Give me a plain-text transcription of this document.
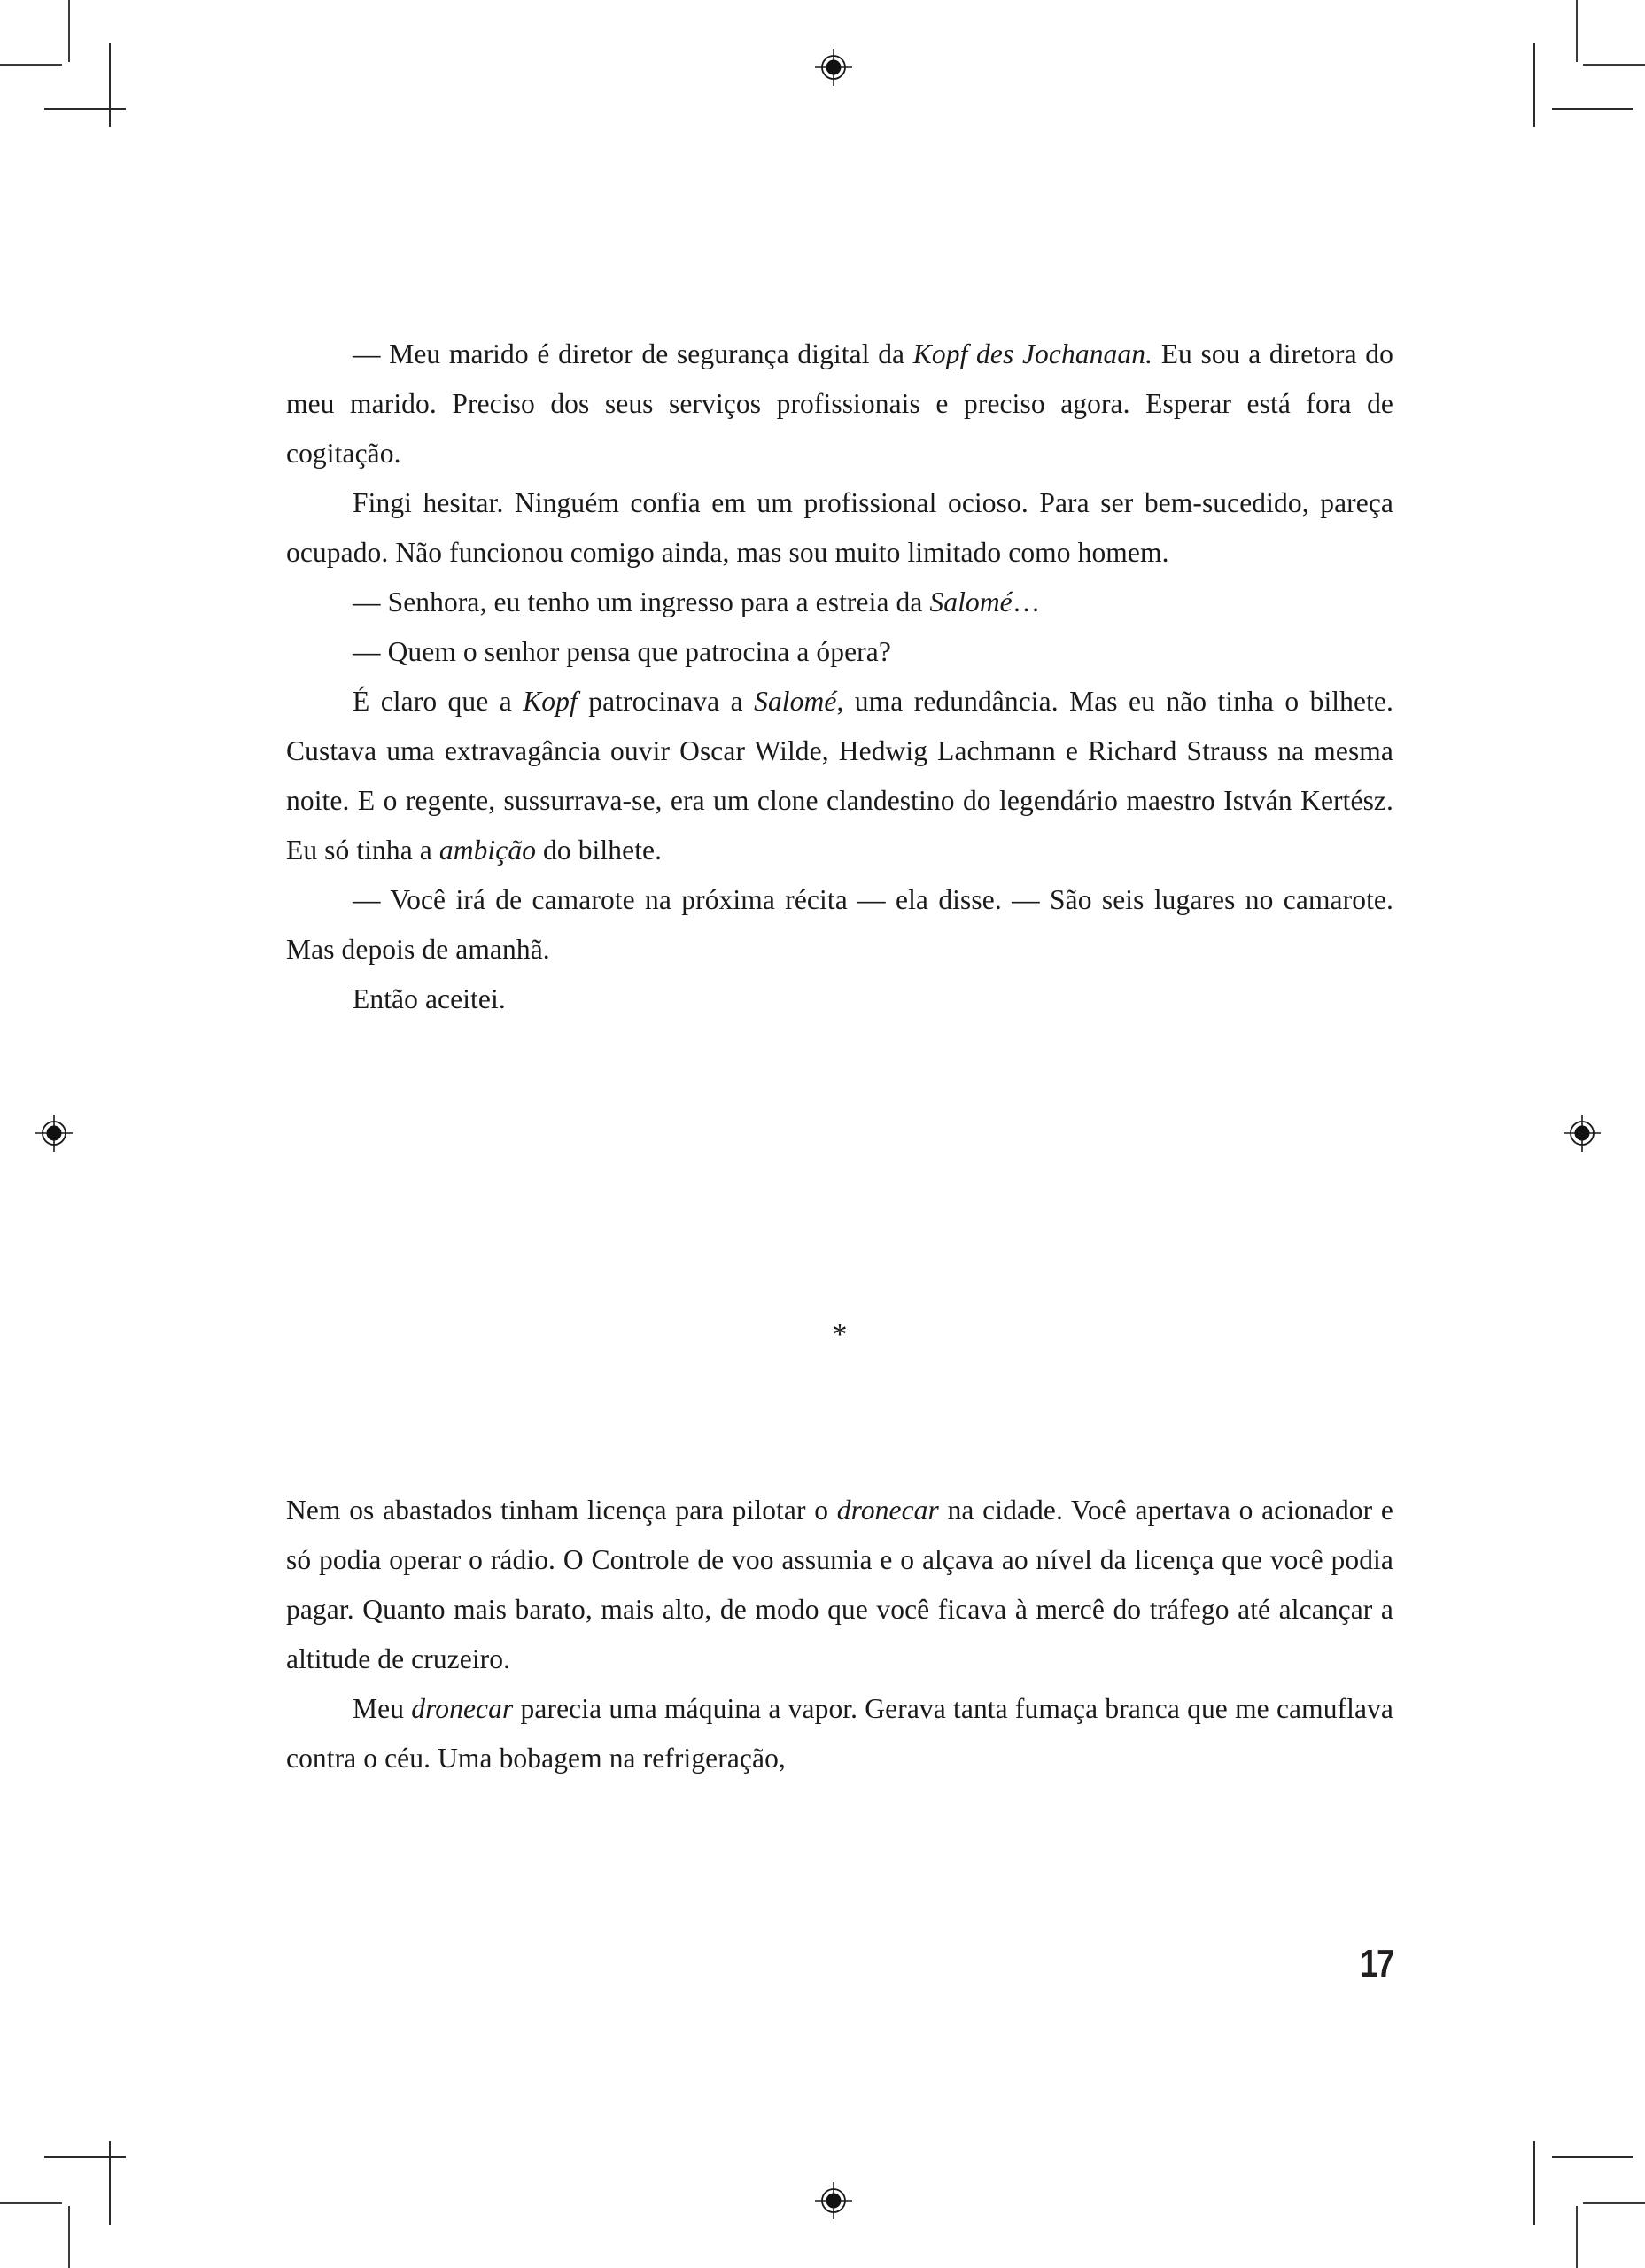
— Meu marido é diretor de segurança digital da Kopf des Jochanaan. Eu sou a diretora do meu marido. Preciso dos seus serviços profissionais e preciso agora. Esperar está fora de cogitação.

Fingi hesitar. Ninguém confia em um profissional ocioso. Para ser bem-sucedido, pareça ocupado. Não funcionou comigo ainda, mas sou muito limitado como homem.

— Senhora, eu tenho um ingresso para a estreia da Salomé…

— Quem o senhor pensa que patrocina a ópera?

É claro que a Kopf patrocinava a Salomé, uma redundância. Mas eu não tinha o bilhete. Custava uma extravagância ouvir Oscar Wilde, Hedwig Lachmann e Richard Strauss na mesma noite. E o regente, sussurrava-se, era um clone clandestino do legendário maestro István Kertész. Eu só tinha a ambição do bilhete.

— Você irá de camarote na próxima récita — ela disse. — São seis lugares no camarote. Mas depois de amanhã.

Então aceitei.

*

Nem os abastados tinham licença para pilotar o dronecar na cidade. Você apertava o acionador e só podia operar o rádio. O Controle de voo assumia e o alçava ao nível da licença que você podia pagar. Quanto mais barato, mais alto, de modo que você ficava à mercê do tráfego até alcançar a altitude de cruzeiro.

Meu dronecar parecia uma máquina a vapor. Gerava tanta fumaça branca que me camuflava contra o céu. Uma bobagem na refrigeração,

17
